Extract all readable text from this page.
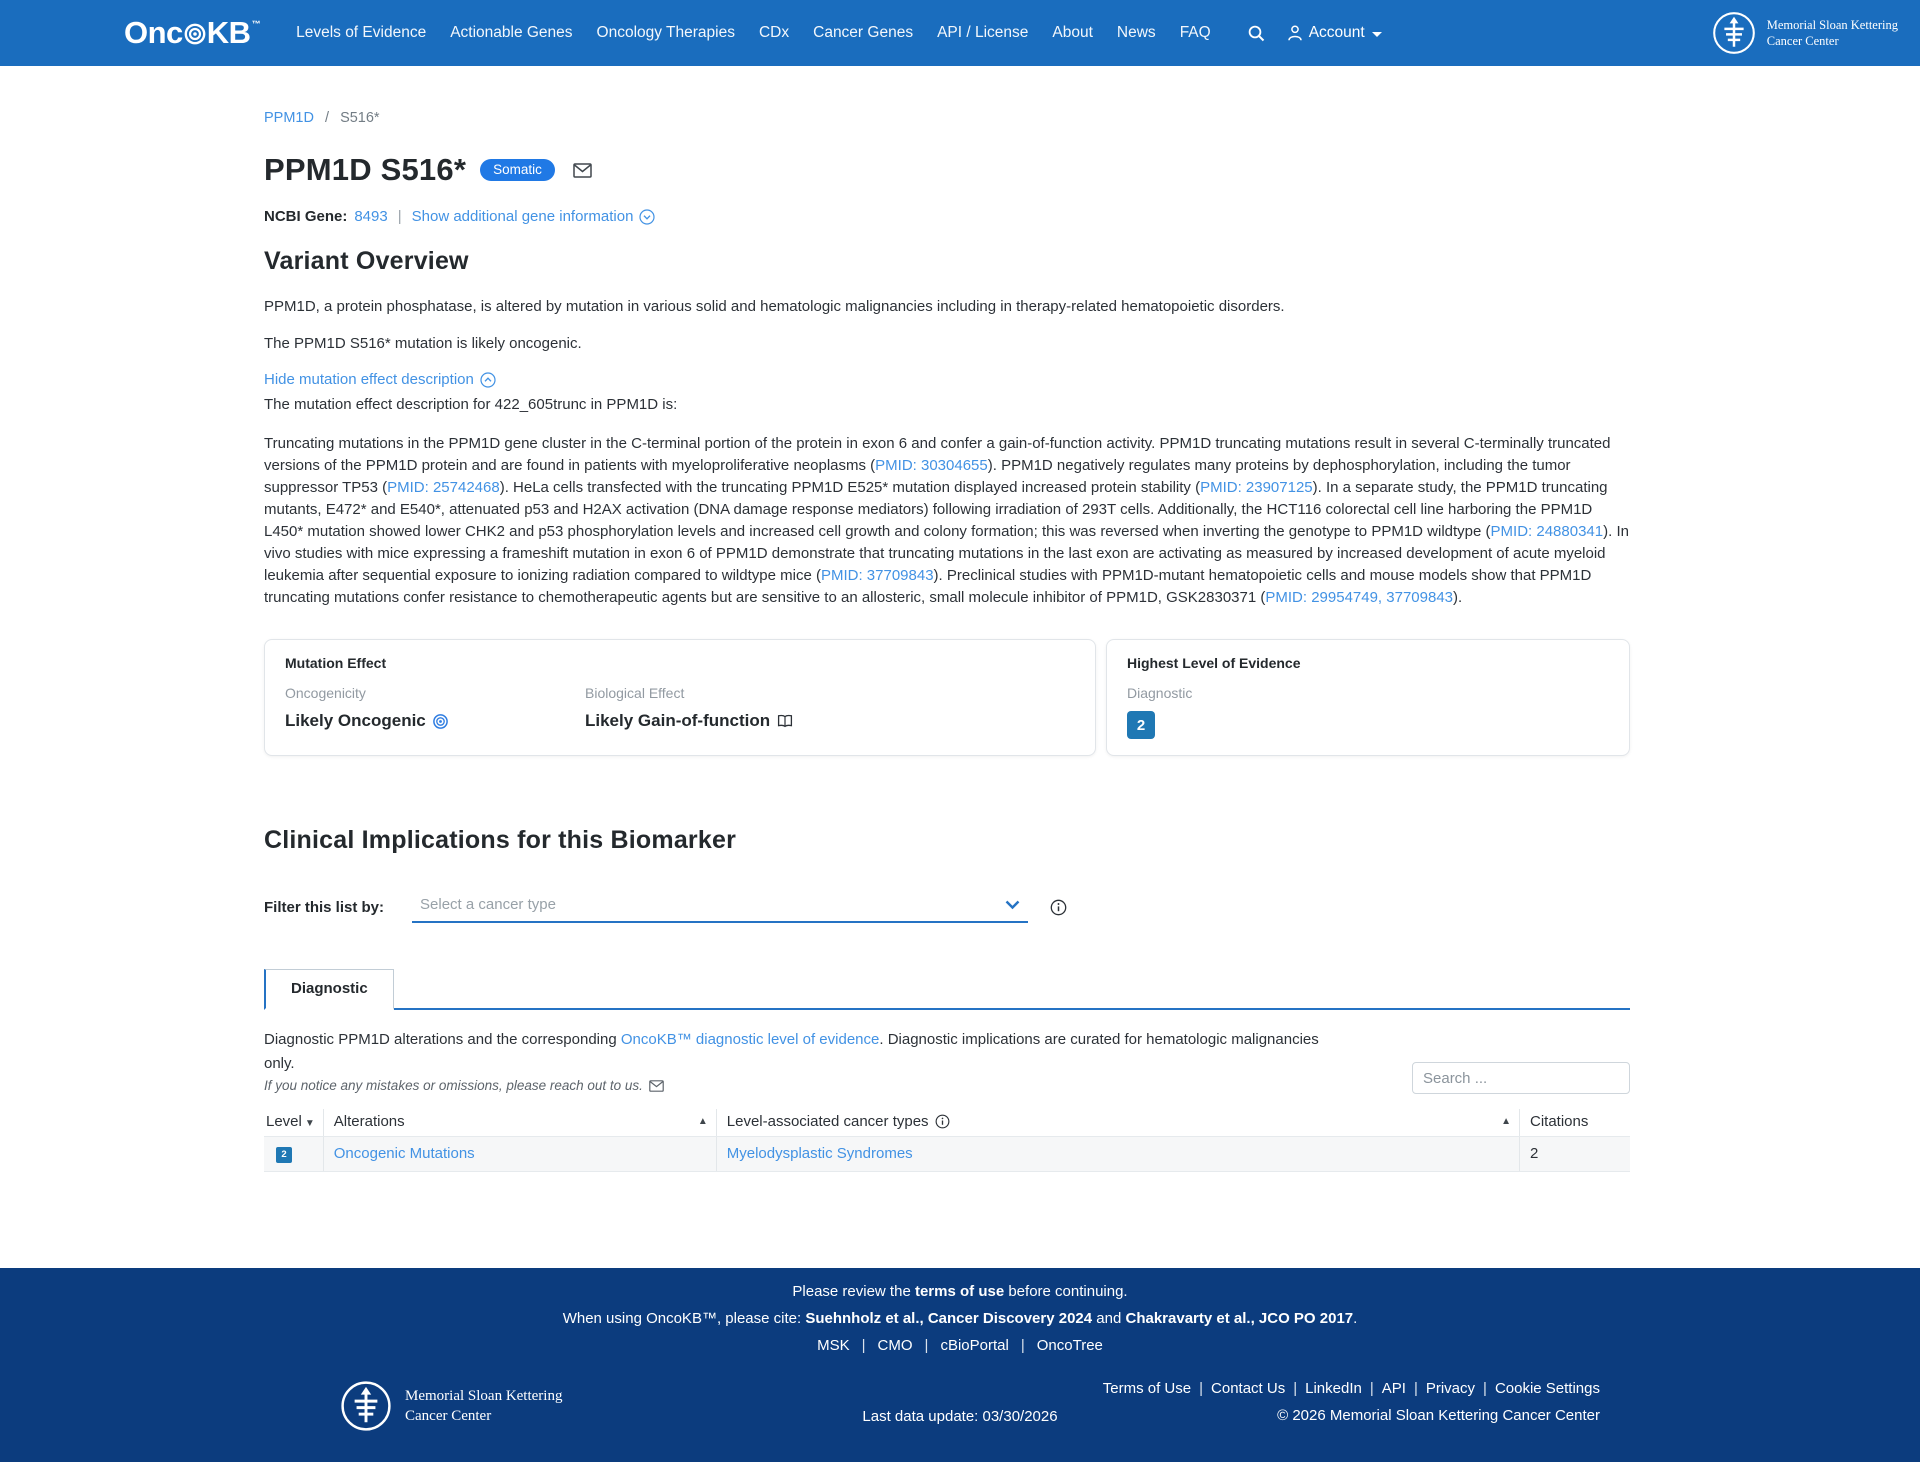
Onc KB™	Levels of Evidence	Actionable Genes	Oncology Therapies	CDx	Cancer Genes	API / License	About	News	FAQ	Account	Memorial Sloan Kettering
Cancer Center
PPM1D / S516*
PPM1D S516*	Somatic
NCBI Gene: 8493 | Show additional gene information
Variant Overview

PPM1D, a protein phosphatase, is altered by mutation in various solid and hematologic malignancies including in therapy-related hematopoietic disorders.

The PPM1D S516* mutation is likely oncogenic.

Hide mutation effect description

The mutation effect description for 422_605trunc in PPM1D is:

Truncating mutations in the PPM1D gene cluster in the C-terminal portion of the protein in exon 6 and confer a gain-of-function activity. PPM1D truncating mutations result in several C-terminally truncated versions of the PPM1D protein and are found in patients with myeloproliferative neoplasms (PMID: 30304655). PPM1D negatively regulates many proteins by dephosphorylation, including the tumor suppressor TP53 (PMID: 25742468). HeLa cells transfected with the truncating PPM1D E525* mutation displayed increased protein stability (PMID: 23907125). In a separate study, the PPM1D truncating mutants, E472* and E540*, attenuated p53 and H2AX activation (DNA damage response mediators) following irradiation of 293T cells. Additionally, the HCT116 colorectal cell line harboring the PPM1D L450* mutation showed lower CHK2 and p53 phosphorylation levels and increased cell growth and colony formation; this was reversed when inverting the genotype to PPM1D wildtype (PMID: 24880341). In vivo studies with mice expressing a frameshift mutation in exon 6 of PPM1D demonstrate that truncating mutations in the last exon are activating as measured by increased development of acute myeloid leukemia after sequential exposure to ionizing radiation compared to wildtype mice (PMID: 37709843). Preclinical studies with PPM1D-mutant hematopoietic cells and mouse models show that PPM1D truncating mutations confer resistance to chemotherapeutic agents but are sensitive to an allosteric, small molecule inhibitor of PPM1D, GSK2830371 (PMID: 29954749, 37709843).

Mutation Effect
Oncogenicity
Likely Oncogenic
Biological Effect
Likely Gain-of-function
Highest Level of Evidence
Diagnostic
2
Clinical Implications for this Biomarker
Filter this list by: Select a cancer type
Diagnostic

Diagnostic PPM1D alterations and the corresponding OncoKB™ diagnostic level of evidence. Diagnostic implications are curated for hematologic malignancies only.

If you notice any mistakes or omissions, please reach out to us.
Search ...
Level ▼	Alterations ▲	Level-associated cancer types ▲	Citations
2	Oncogenic Mutations	Myelodysplastic Syndromes	2
Please review the terms of use before continuing.
When using OncoKB™, please cite: Suehnholz et al., Cancer Discovery 2024 and Chakravarty et al., JCO PO 2017.
MSK | CMO | cBioPortal | OncoTree
Memorial Sloan Kettering
Cancer Center	Last data update: 03/30/2026
Terms of Use | Contact Us | LinkedIn | API | Privacy | Cookie Settings
© 2026 Memorial Sloan Kettering Cancer Center
